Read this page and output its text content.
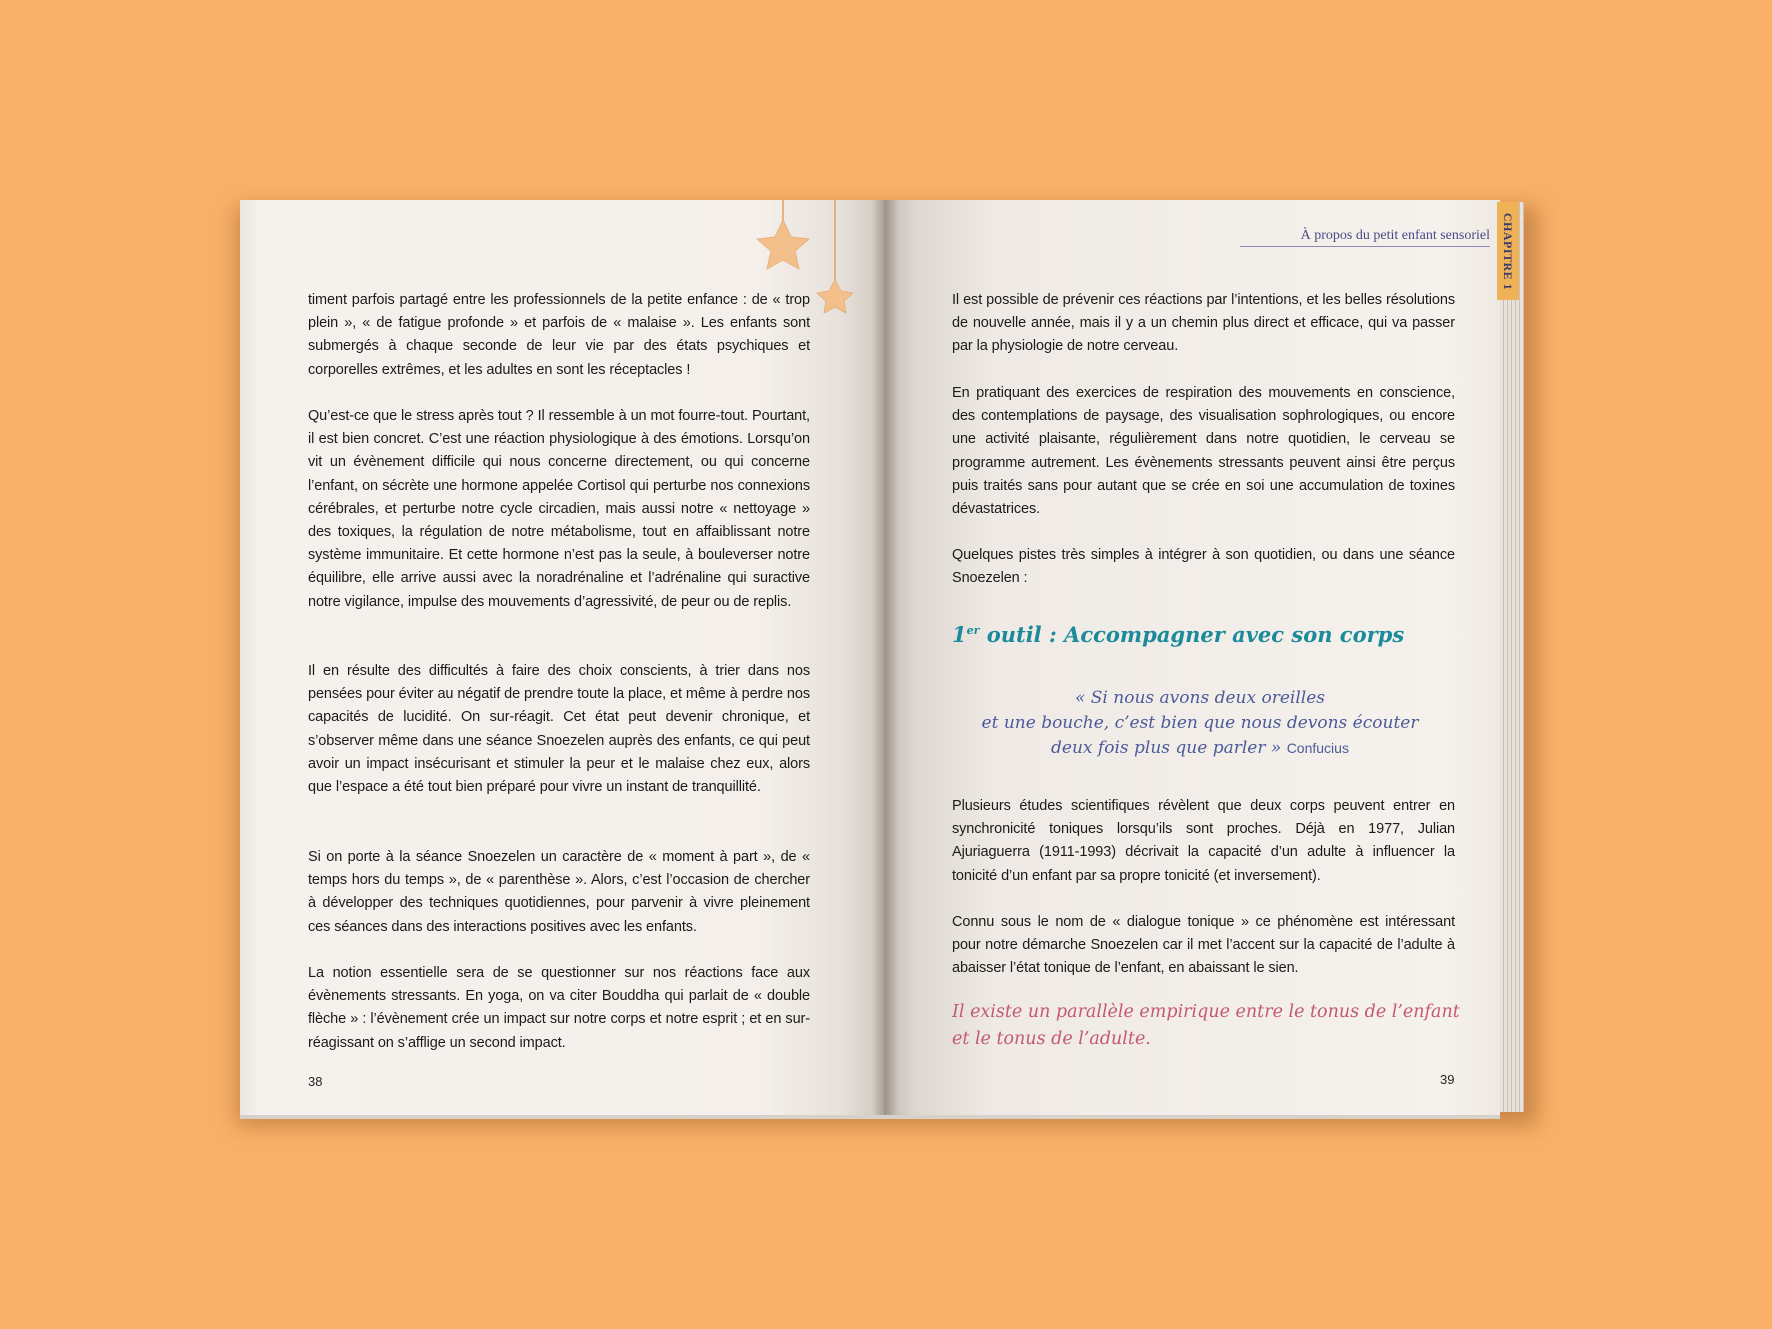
timent parfois partagé entre les professionnels de la petite enfance : de « trop plein », « de fatigue profonde » et parfois de « malaise ». Les enfants sont submergés à chaque seconde de leur vie par des états psychiques et corporelles extrêmes, et les adultes en sont les réceptacles !

Qu’est-ce que le stress après tout ? Il ressemble à un mot fourre-tout. Pourtant, il est bien concret. C’est une réaction physiologique à des émotions. Lorsqu’on vit un évènement difficile qui nous concerne directement, ou qui concerne l’enfant, on sécrète une hormone appelée Cortisol qui perturbe nos connexions cérébrales, et perturbe notre cycle circadien, mais aussi notre « nettoyage » des toxiques, la régulation de notre métabolisme, tout en affaiblissant notre système immunitaire. Et cette hormone n’est pas la seule, à bouleverser notre équilibre, elle arrive aussi avec la noradrénaline et l’adrénaline qui suractive notre vigilance, impulse des mouvements d’agressivité, de peur ou de replis.

Il en résulte des difficultés à faire des choix conscients, à trier dans nos pensées pour éviter au négatif de prendre toute la place, et même à perdre nos capacités de lucidité. On sur-réagit. Cet état peut devenir chronique, et s’observer même dans une séance Snoezelen auprès des enfants, ce qui peut avoir un impact insécurisant et stimuler la peur et le malaise chez eux, alors que l’espace a été tout bien préparé pour vivre un instant de tranquillité.

Si on porte à la séance Snoezelen un caractère de « moment à part », de « temps hors du temps », de « parenthèse ». Alors, c’est l’occasion de chercher à développer des techniques quotidiennes, pour parvenir à vivre pleinement ces séances dans des interactions positives avec les enfants.

La notion essentielle sera de se questionner sur nos réactions face aux évènements stressants. En yoga, on va citer Bouddha qui parlait de « double flèche » : l’évènement crée un impact sur notre corps et notre esprit ; et en sur-réagissant on s’afflige un second impact.

38
À propos du petit enfant sensoriel CHAPITRE 1

Il est possible de prévenir ces réactions par l’intentions, et les belles résolutions de nouvelle année, mais il y a un chemin plus direct et efficace, qui va passer par la physiologie de notre cerveau.

En pratiquant des exercices de respiration des mouvements en conscience, des contemplations de paysage, des visualisation sophrologiques, ou encore une activité plaisante, régulièrement dans notre quotidien, le cerveau se programme autrement. Les évènements stressants peuvent ainsi être perçus puis traités sans pour autant que se crée en soi une accumulation de toxines dévastatrices.

Quelques pistes très simples à intégrer à son quotidien, ou dans une séance Snoezelen :

1er outil : Accompagner avec son corps
« Si nous avons deux oreilles
et une bouche, c’est bien que nous devons écouter
deux fois plus que parler » Confucius

Plusieurs études scientifiques révèlent que deux corps peuvent entrer en synchronicité toniques lorsqu’ils sont proches. Déjà en 1977, Julian Ajuriaguerra (1911-1993) décrivait la capacité d’un adulte à influencer la tonicité d’un enfant par sa propre tonicité (et inversement).

Connu sous le nom de « dialogue tonique » ce phénomène est intéressant pour notre démarche Snoezelen car il met l’accent sur la capacité de l’adulte à abaisser l’état tonique de l’enfant, en abaissant le sien.

Il existe un parallèle empirique entre le tonus de l’enfant
et le tonus de l’adulte.
39
